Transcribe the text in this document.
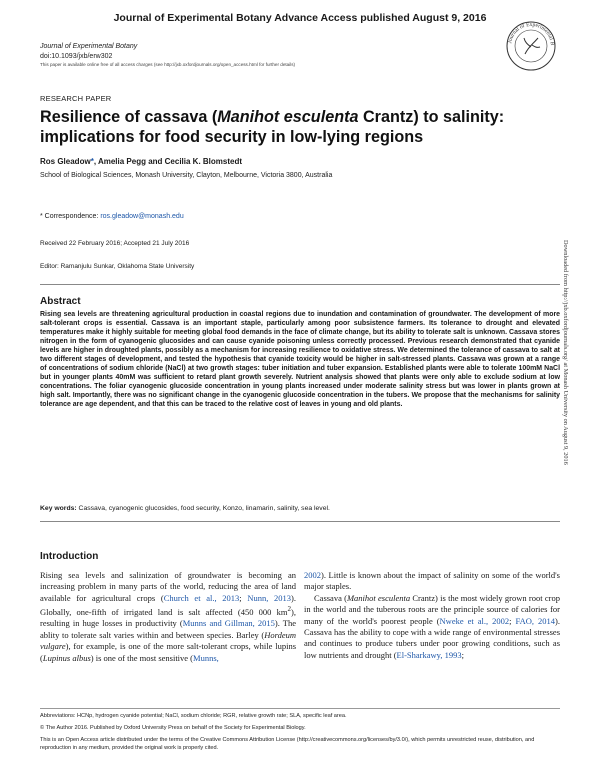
Journal of Experimental Botany Advance Access published August 9, 2016
Journal of Experimental Botany
doi:10.1093/jxb/erw302
This paper is available online free of all access charges (see http://jxb.oxfordjournals.org/open_access.html for further details)
Journal of Experimental B
RESEARCH PAPER
Resilience of cassava (Manihot esculenta Crantz) to salinity: implications for food security in low-lying regions
Ros Gleadow*, Amelia Pegg and Cecilia K. Blomstedt
School of Biological Sciences, Monash University, Clayton, Melbourne, Victoria 3800, Australia
* Correspondence: ros.gleadow@monash.edu
Received 22 February 2016; Accepted 21 July 2016
Editor: Ramanjulu Sunkar, Oklahoma State University
Abstract
Rising sea levels are threatening agricultural production in coastal regions due to inundation and contamination of groundwater. The development of more salt-tolerant crops is essential. Cassava is an important staple, particularly among poor subsistence farmers. Its tolerance to drought and elevated temperatures make it highly suitable for meeting global food demands in the face of climate change, but its ability to tolerate salt is unknown. Cassava stores nitrogen in the form of cyanogenic glucosides and can cause cyanide poisoning unless correctly processed. Previous research demonstrated that cyanide levels are higher in droughted plants, possibly as a mechanism for increasing resilience to oxidative stress. We determined the tolerance of cassava to salt at two different stages of development, and tested the hypothesis that cyanide toxicity would be higher in salt-stressed plants. Cassava was grown at a range of concentrations of sodium chloride (NaCl) at two growth stages: tuber initiation and tuber expansion. Established plants were able to tolerate 100mM NaCl but in younger plants 40mM was sufficient to retard plant growth severely. Nutrient analysis showed that plants were only able to exclude sodium at low concentrations. The foliar cyanogenic glucoside concentration in young plants increased under moderate salinity stress but was lower in plants grown at high salt. Importantly, there was no significant change in the cyanogenic glucoside concentration in the tubers. We propose that the mechanisms for salinity tolerance are age dependent, and that this can be traced to the relative cost of leaves in young and old plants.
Key words: Cassava, cyanogenic glucosides, food security, Konzo, linamarin, salinity, sea level.
Introduction

Rising sea levels and salinization of groundwater is becoming an increasing problem in many parts of the world, reducing the area of land available for agricultural crops (Church et al., 2013; Nunn, 2013). Globally, one-fifth of irrigated land is salt affected (450 000 $km^2$), resulting in huge losses in productivity (Munns and Gillman, 2015). The ablity to tolerate salt varies within and between species. Barley (Hordeum vulgare), for example, is one of the more salt-tolerant crops, while lupins (Lupinus albus) is one of the most sensitive (Munns,

2002). Little is known about the impact of salinity on some of the world's major staples.

Cassava (Manihot esculenta Crantz) is the most widely grown root crop in the world and the tuberous roots are the principle source of calories for many of the world's poorest people (Nweke et al., 2002; FAO, 2014). Cassava has the ability to cope with a wide range of environmental stresses and continues to produce tubers under poor growing conditions, such as low nutrients and drought (El-Sharkawy, 1993;

Abbreviations: HCNp, hydrogen cyanide potential; NaCl, sodium chloride; RGR, relative growth rate; SLA, specific leaf area.
© The Author 2016. Published by Oxford University Press on behalf of the Society for Experimental Biology.
This is an Open Access article distributed under the terms of the Creative Commons Attribution License (http://creativecommons.org/licenses/by/3.0/), which permits unrestricted reuse, distribution, and reproduction in any medium, provided the original work is properly cited.
Downloaded from http://jxb.oxfordjournals.org/ at Monash University on August 9, 2016
